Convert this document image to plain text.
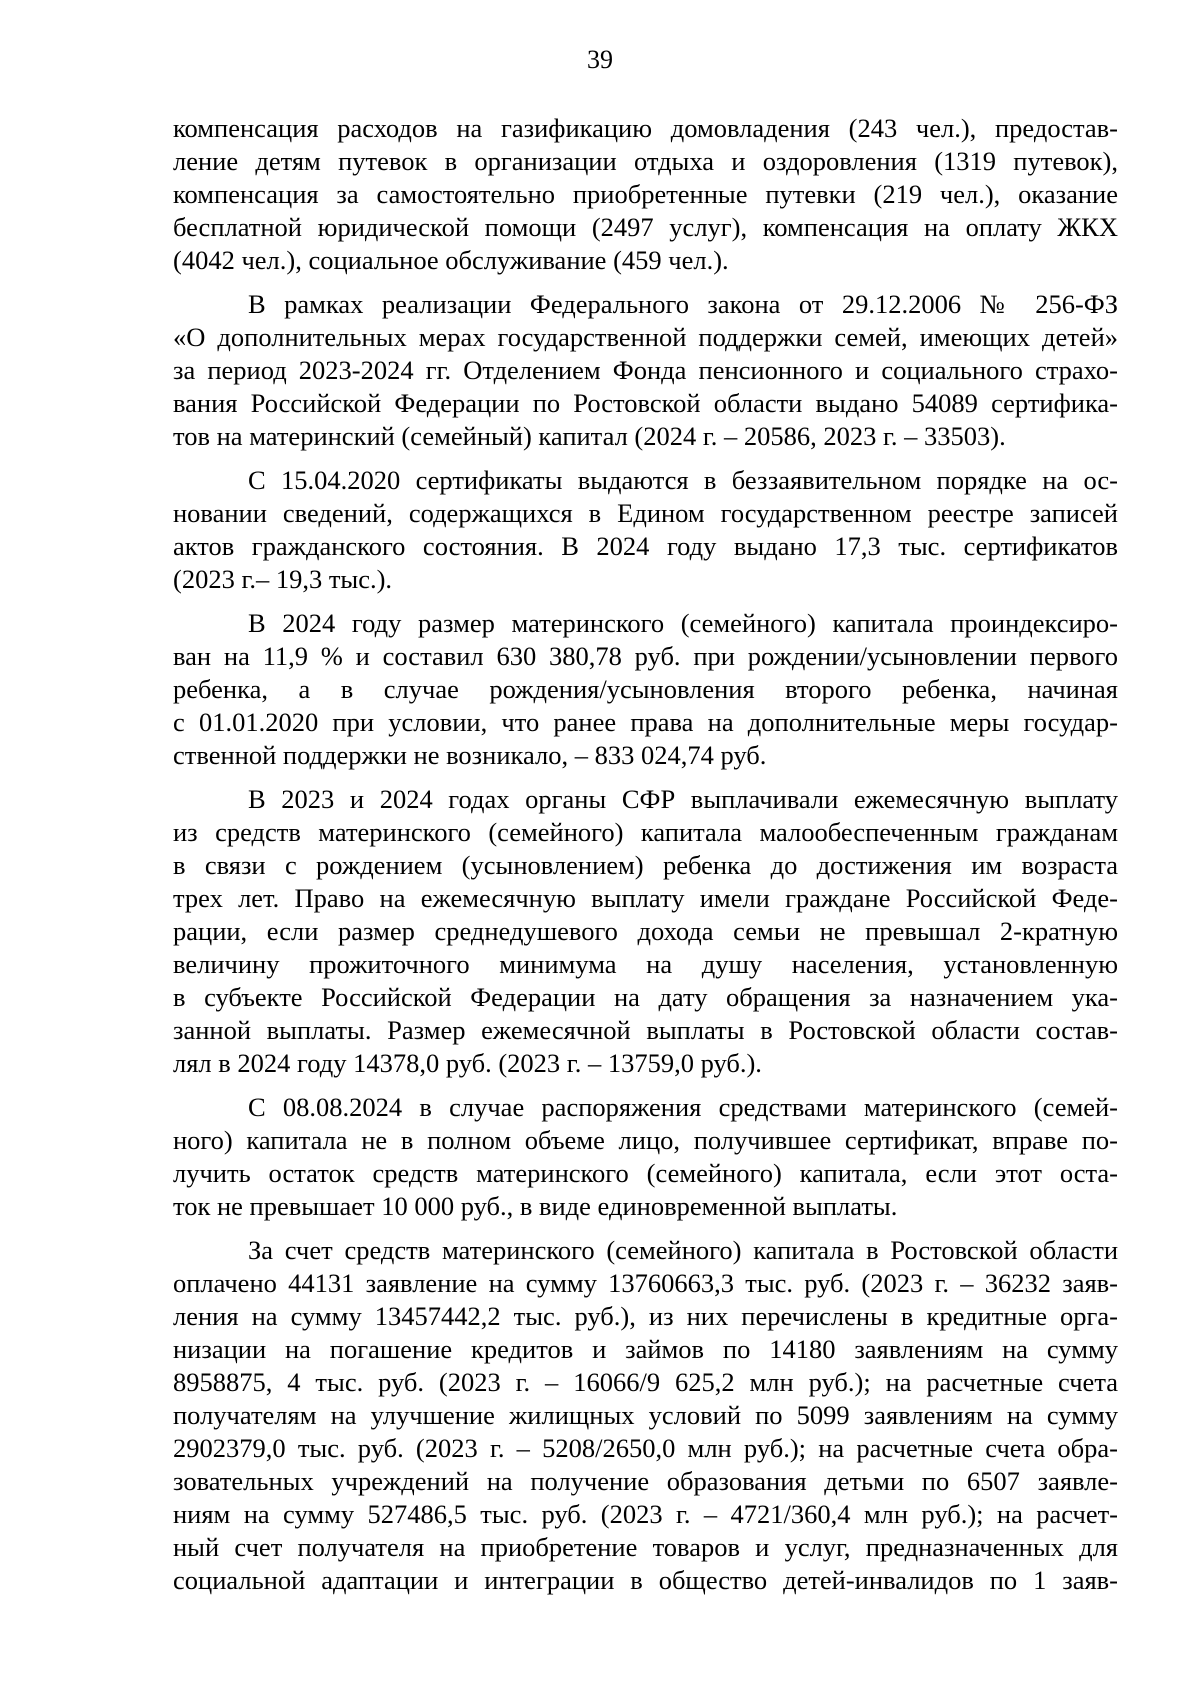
39
компенсация расходов на газификацию домовладения (243 чел.), предостав-
ление детям путевок в организации отдыха и оздоровления (1319 путевок),
компенсация за самостоятельно приобретенные путевки (219 чел.), оказание
бесплатной юридической помощи (2497 услуг), компенсация на оплату ЖКХ
(4042 чел.), социальное обслуживание (459 чел.).
В рамках реализации Федерального закона от 29.12.2006 № 256-ФЗ
«О дополнительных мерах государственной поддержки семей, имеющих детей»
за период 2023-2024 гг. Отделением Фонда пенсионного и социального страхо-
вания Российской Федерации по Ростовской области выдано 54089 сертифика-
тов на материнский (семейный) капитал (2024 г. – 20586, 2023 г. – 33503).
С 15.04.2020 сертификаты выдаются в беззаявительном порядке на ос-
новании сведений, содержащихся в Едином государственном реестре записей
актов гражданского состояния. В 2024 году выдано 17,3 тыс. сертификатов
(2023 г.– 19,3 тыс.).
В 2024 году размер материнского (семейного) капитала проиндексиро-
ван на 11,9 % и составил 630 380,78 руб. при рождении/усыновлении первого
ребенка, а в случае рождения/усыновления второго ребенка, начиная
с 01.01.2020 при условии, что ранее права на дополнительные меры государ-
ственной поддержки не возникало, – 833 024,74 руб.
В 2023 и 2024 годах органы СФР выплачивали ежемесячную выплату
из средств материнского (семейного) капитала малообеспеченным гражданам
в связи с рождением (усыновлением) ребенка до достижения им возраста
трех лет. Право на ежемесячную выплату имели граждане Российской Феде-
рации, если размер среднедушевого дохода семьи не превышал 2-кратную
величину прожиточного минимума на душу населения, установленную
в субъекте Российской Федерации на дату обращения за назначением ука-
занной выплаты. Размер ежемесячной выплаты в Ростовской области состав-
лял в 2024 году 14378,0 руб. (2023 г. – 13759,0 руб.).
С 08.08.2024 в случае распоряжения средствами материнского (семей-
ного) капитала не в полном объеме лицо, получившее сертификат, вправе по-
лучить остаток средств материнского (семейного) капитала, если этот оста-
ток не превышает 10 000 руб., в виде единовременной выплаты.
За счет средств материнского (семейного) капитала в Ростовской области
оплачено 44131 заявление на сумму 13760663,3 тыс. руб. (2023 г. – 36232 заяв-
ления на сумму 13457442,2 тыс. руб.), из них перечислены в кредитные орга-
низации на погашение кредитов и займов по 14180 заявлениям на сумму
8958875, 4 тыс. руб. (2023 г. – 16066/9 625,2 млн руб.); на расчетные счета
получателям на улучшение жилищных условий по 5099 заявлениям на сумму
2902379,0 тыс. руб. (2023 г. – 5208/2650,0 млн руб.); на расчетные счета обра-
зовательных учреждений на получение образования детьми по 6507 заявле-
ниям на сумму 527486,5 тыс. руб. (2023 г. – 4721/360,4 млн руб.); на расчет-
ный счет получателя на приобретение товаров и услуг, предназначенных для
социальной адаптации и интеграции в общество детей-инвалидов по 1 заяв-
